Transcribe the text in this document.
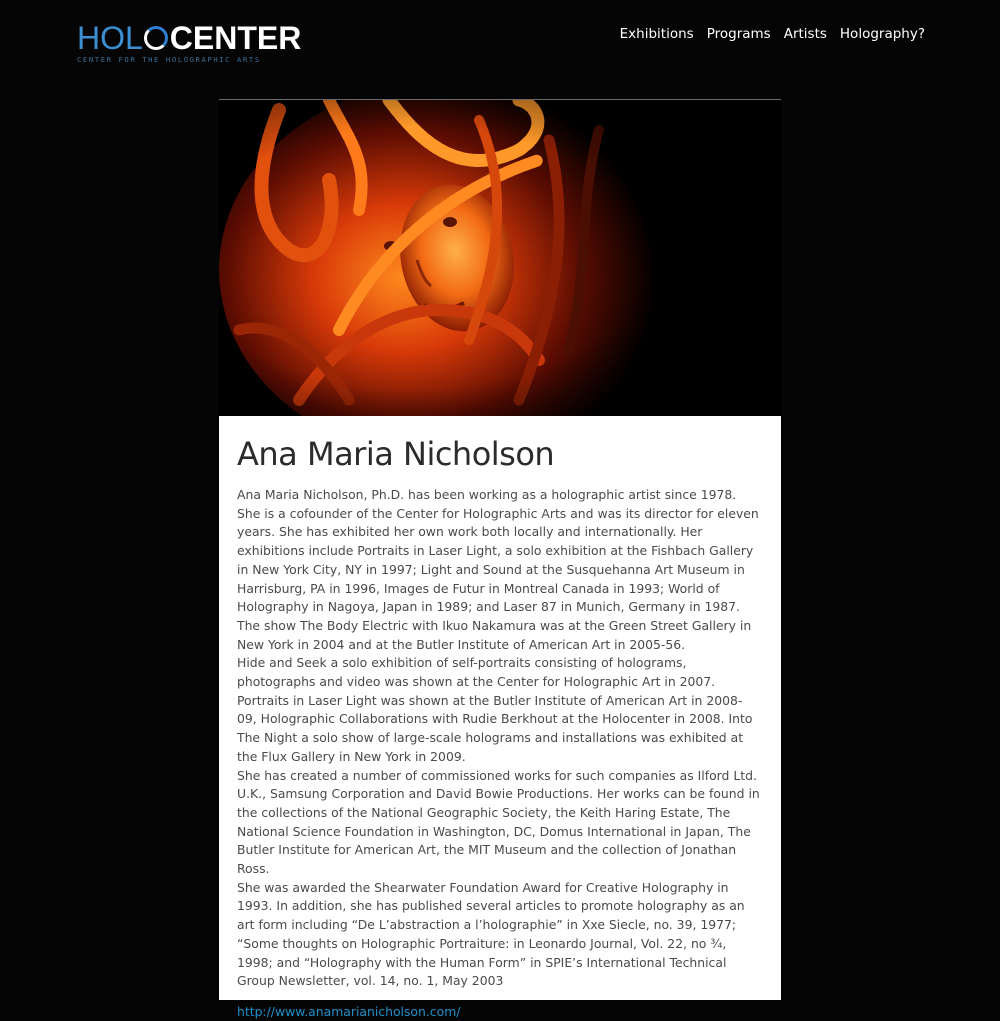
HOL CENTER
CENTER FOR THE HOLOGRAPHIC ARTS
Exhibitions Programs Artists Holography?
Ana Maria Nicholson

Ana Maria Nicholson, Ph.D. has been working as a holographic artist since 1978. She is a cofounder of the Center for Holographic Arts and was its director for eleven years. She has exhibited her own work both locally and internationally. Her exhibitions include Portraits in Laser Light, a solo exhibition at the Fishbach Gallery in New York City, NY in 1997; Light and Sound at the Susquehanna Art Museum in Harrisburg, PA in 1996, Images de Futur in Montreal Canada in 1993; World of Holography in Nagoya, Japan in 1989; and Laser 87 in Munich, Germany in 1987. The show The Body Electric with Ikuo Nakamura was at the Green Street Gallery in New York in 2004 and at the Butler Institute of American Art in 2005-56.

Hide and Seek a solo exhibition of self-portraits consisting of holograms, photographs and video was shown at the Center for Holographic Art in 2007. Portraits in Laser Light was shown at the Butler Institute of American Art in 2008-09, Holographic Collaborations with Rudie Berkhout at the Holocenter in 2008. Into The Night a solo show of large-scale holograms and installations was exhibited at the Flux Gallery in New York in 2009.

She has created a number of commissioned works for such companies as Ilford Ltd. U.K., Samsung Corporation and David Bowie Productions. Her works can be found in the collections of the National Geographic Society, the Keith Haring Estate, The National Science Foundation in Washington, DC, Domus International in Japan, The Butler Institute for American Art, the MIT Museum and the collection of Jonathan Ross.

She was awarded the Shearwater Foundation Award for Creative Holography in 1993. In addition, she has published several articles to promote holography as an art form including “De L’abstraction a l’holographie” in Xxe Siecle, no. 39, 1977; “Some thoughts on Holographic Portraiture: in Leonardo Journal, Vol. 22, no ¾, 1998; and “Holography with the Human Form” in SPIE’s International Technical Group Newsletter, vol. 14, no. 1, May 2003

http://www.anamarianicholson.com/
